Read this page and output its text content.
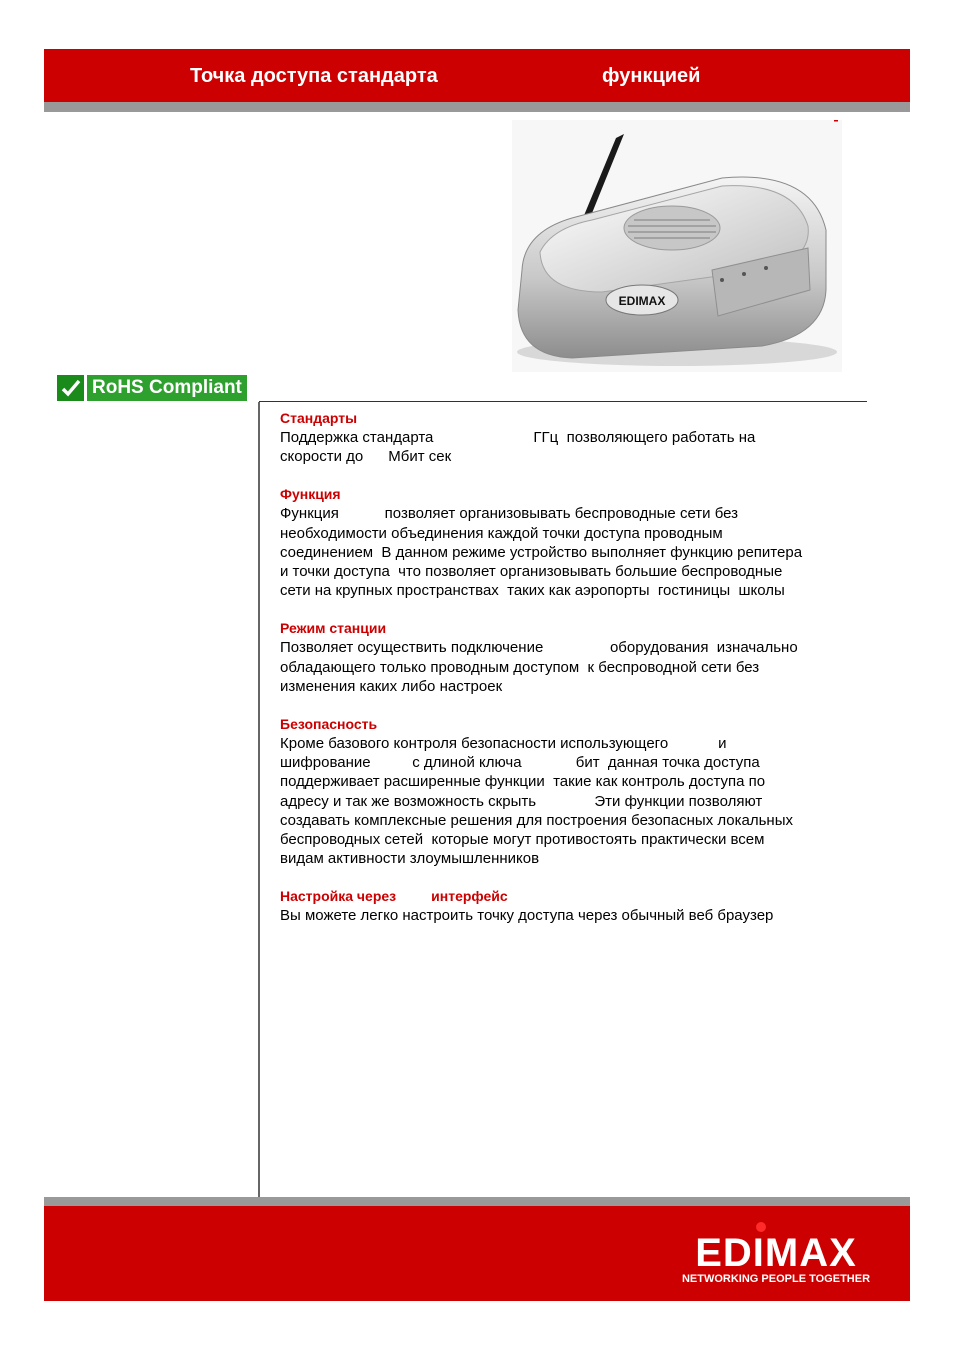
Точка доступа стандарта	функцией
EDIMAX
RoHS Compliant
Стандарты
Поддержка стандарта                        ГГц  позволяющего работать на
скорости до      Мбит сек
Функция
Функция           позволяет организовывать беспроводные сети без
необходимости объединения каждой точки доступа проводным
соединением  В данном режиме устройство выполняет функцию репитера
и точки доступа  что позволяет организовывать большие беспроводные
сети на крупных пространствах  таких как аэропорты  гостиницы  школы
Режим станции
Позволяет осуществить подключение                оборудования  изначально
обладающего только проводным доступом  к беспроводной сети без
изменения каких либо настроек
Безопасность
Кроме базового контроля безопасности использующего            и
шифрование          с длиной ключа             бит  данная точка доступа
поддерживает расширенные функции  такие как контроль доступа по
адресу и так же возможность скрыть              Эти функции позволяют
создавать комплексные решения для построения безопасных локальных
беспроводных сетей  которые могут противостоять практически всем
видам активности злоумышленников
Настройка через         интерфейс
Вы можете легко настроить точку доступа через обычный веб браузер
EDIMAX
NETWORKING PEOPLE TOGETHER
